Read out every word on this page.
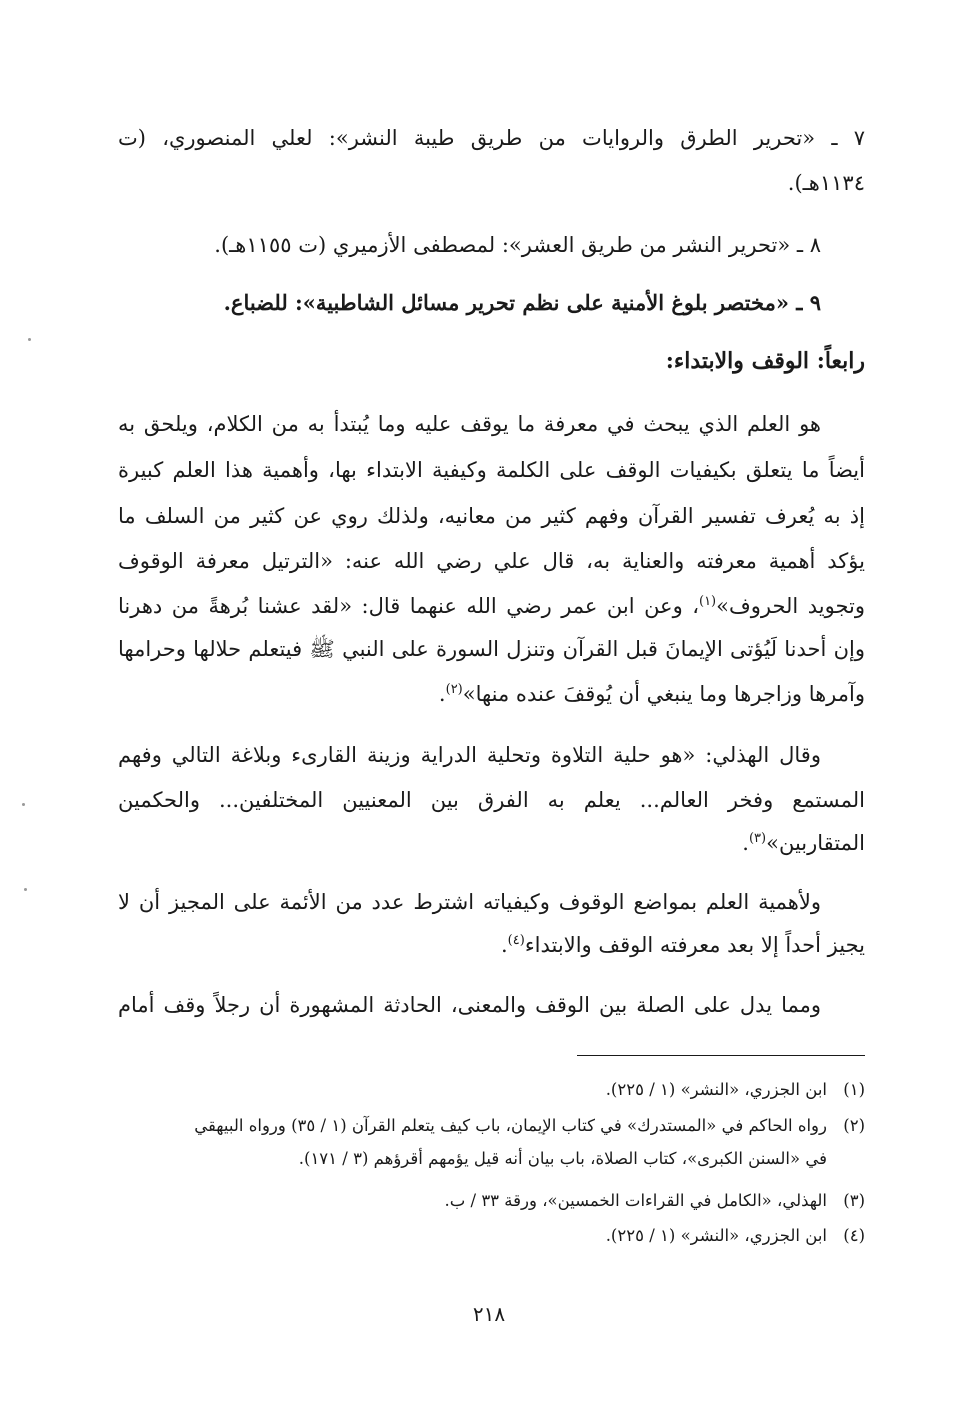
٧ ـ «تحرير الطرق والروايات من طريق طيبة النشر»: لعلي المنصوري، (ت
١١٣٤هـ).
٨ ـ «تحرير النشر من طريق العشر»: لمصطفى الأزميري (ت ١١٥٥هـ).
٩ ـ «مختصر بلوغ الأمنية على نظم تحرير مسائل الشاطبية»: للضباع.
رابعاً: الوقف والابتداء:
هو العلم الذي يبحث في معرفة ما يوقف عليه وما يُبتدأ به من الكلام، ويلحق به
أيضاً ما يتعلق بكيفيات الوقف على الكلمة وكيفية الابتداء بها، وأهمية هذا العلم كبيرة
إذ به يُعرف تفسير القرآن وفهم كثير من معانيه، ولذلك روي عن كثير من السلف ما
يؤكد أهمية معرفته والعناية به، قال علي رضي الله عنه: «الترتيل معرفة الوقوف
وتجويد الحروف»$^{(١)}$، وعن ابن عمر رضي الله عنهما قال: «لقد عشنا بُرهةً من دهرنا
وإن أحدنا لَيُؤتى الإيمانَ قبل القرآن وتنزل السورة على النبي ﷺ فيتعلم حلالها وحرامها
وآمرها وزاجرها وما ينبغي أن يُوقفَ عنده منها»$^{(٢)}$.
وقال الهذلي: «هو حلية التلاوة وتحلية الدراية وزينة القارىء وبلاغة التالي وفهم
المستمع وفخر العالم... يعلم به الفرق بين المعنيين المختلفين... والحكمين
المتقاربين»$^{(٣)}$.
ولأهمية العلم بمواضع الوقوف وكيفياته اشترط عدد من الأئمة على المجيز أن لا
يجيز أحداً إلا بعد معرفته الوقف والابتداء$^{(٤)}$.
ومما يدل على الصلة بين الوقف والمعنى، الحادثة المشهورة أن رجلاً وقف أمام
(١)ابن الجزري، «النشر» (١ / ٢٢٥).
(٢)رواه الحاكم في «المستدرك» في كتاب الإيمان، باب كيف يتعلم القرآن (١ / ٣٥) ورواه البيهقي
في «السنن الكبرى»، كتاب الصلاة، باب بيان أنه قيل يؤمهم أقرؤهم (٣ / ١٧١).
(٣)الهذلي، «الكامل في القراءات الخمسين»، ورقة ٣٣ / ب.
(٤)ابن الجزري، «النشر» (١ / ٢٢٥).
٢١٨
